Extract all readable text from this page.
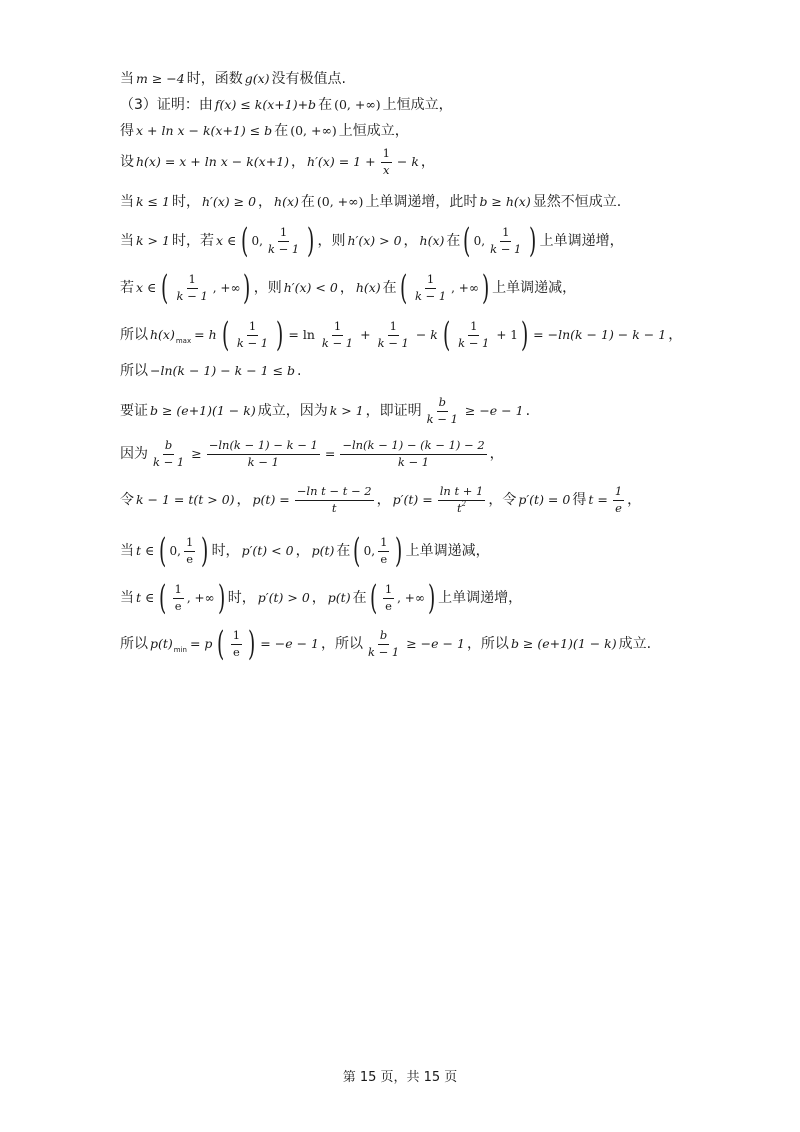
当 m ≥ −4 时，函数 g(x) 没有极值点.
（3）证明：由 f(x) ≤ k(x+1)+b 在 (0, +∞) 上恒成立，
得 x + ln x − k(x+1) ≤ b 在 (0, +∞) 上恒成立，
设 h(x) = x + ln x − k(x+1) ， $h'(x) = 1 + \frac{1}{x} - k$ ，
当 k ≤ 1 时， h′(x) ≥ 0 ， h(x) 在 (0, +∞) 上单调递增，此时 b ≥ h(x) 显然不恒成立.
当 k > 1 时，若 x ∈ ( 0, $\frac{1}{k - 1}$ ) ，则 h′(x) > 0 ， h(x) 在 ( 0, $\frac{1}{k - 1}$ ) 上单调递增，
若 x ∈ ( $\frac{1}{k - 1}$ , +∞ ) ，则 h′(x) < 0 ， h(x) 在 ( $\frac{1}{k - 1}$ , +∞ ) 上单调递减，
所以 h(x) max = h ( $\frac{1}{k - 1}$ ) = $\ln \frac{1}{k - 1} + \frac{1}{k - 1} - k$ ( $\frac{1}{k - 1} + 1$ ) = −ln(k − 1) − k − 1 ，
所以 −ln(k − 1) − k − 1 ≤ b .
要证 b ≥ (e+1)(1 − k) 成立，因为 k > 1 ，即证明 $\frac{b}{k - 1} \ge -e - 1$ .
因为 $\frac{b}{k - 1} \ge \frac{-\ln(k - 1) - k - 1}{k - 1} = \frac{-\ln(k - 1) - (k - 1) - 2}{k - 1}$ ，
令 k − 1 = t(t > 0) ， $p(t) = \frac{\text{−ln t − t − 2}}{t}$ ， $p'(t) = \frac{\text{ln t + 1}}{t^2}$ ，令 p′(t) = 0 得 $t = \frac{1}{e}$ ，
当 t ∈ ( 0, $\frac{1}{e}$ ) 时， p′(t) < 0 ， p(t) 在 ( 0, $\frac{1}{e}$ ) 上单调递减，
当 t ∈ ( $\frac{1}{e}$ , +∞ ) 时， p′(t) > 0 ， p(t) 在 ( $\frac{1}{e}$ , +∞ ) 上单调递增，
所以 p(t) min = p ( $\frac{1}{e}$ ) = −e − 1 ，所以 $\frac{b}{k - 1} \ge -e - 1$ ，所以 b ≥ (e+1)(1 − k) 成立.
第 15 页，共 15 页
